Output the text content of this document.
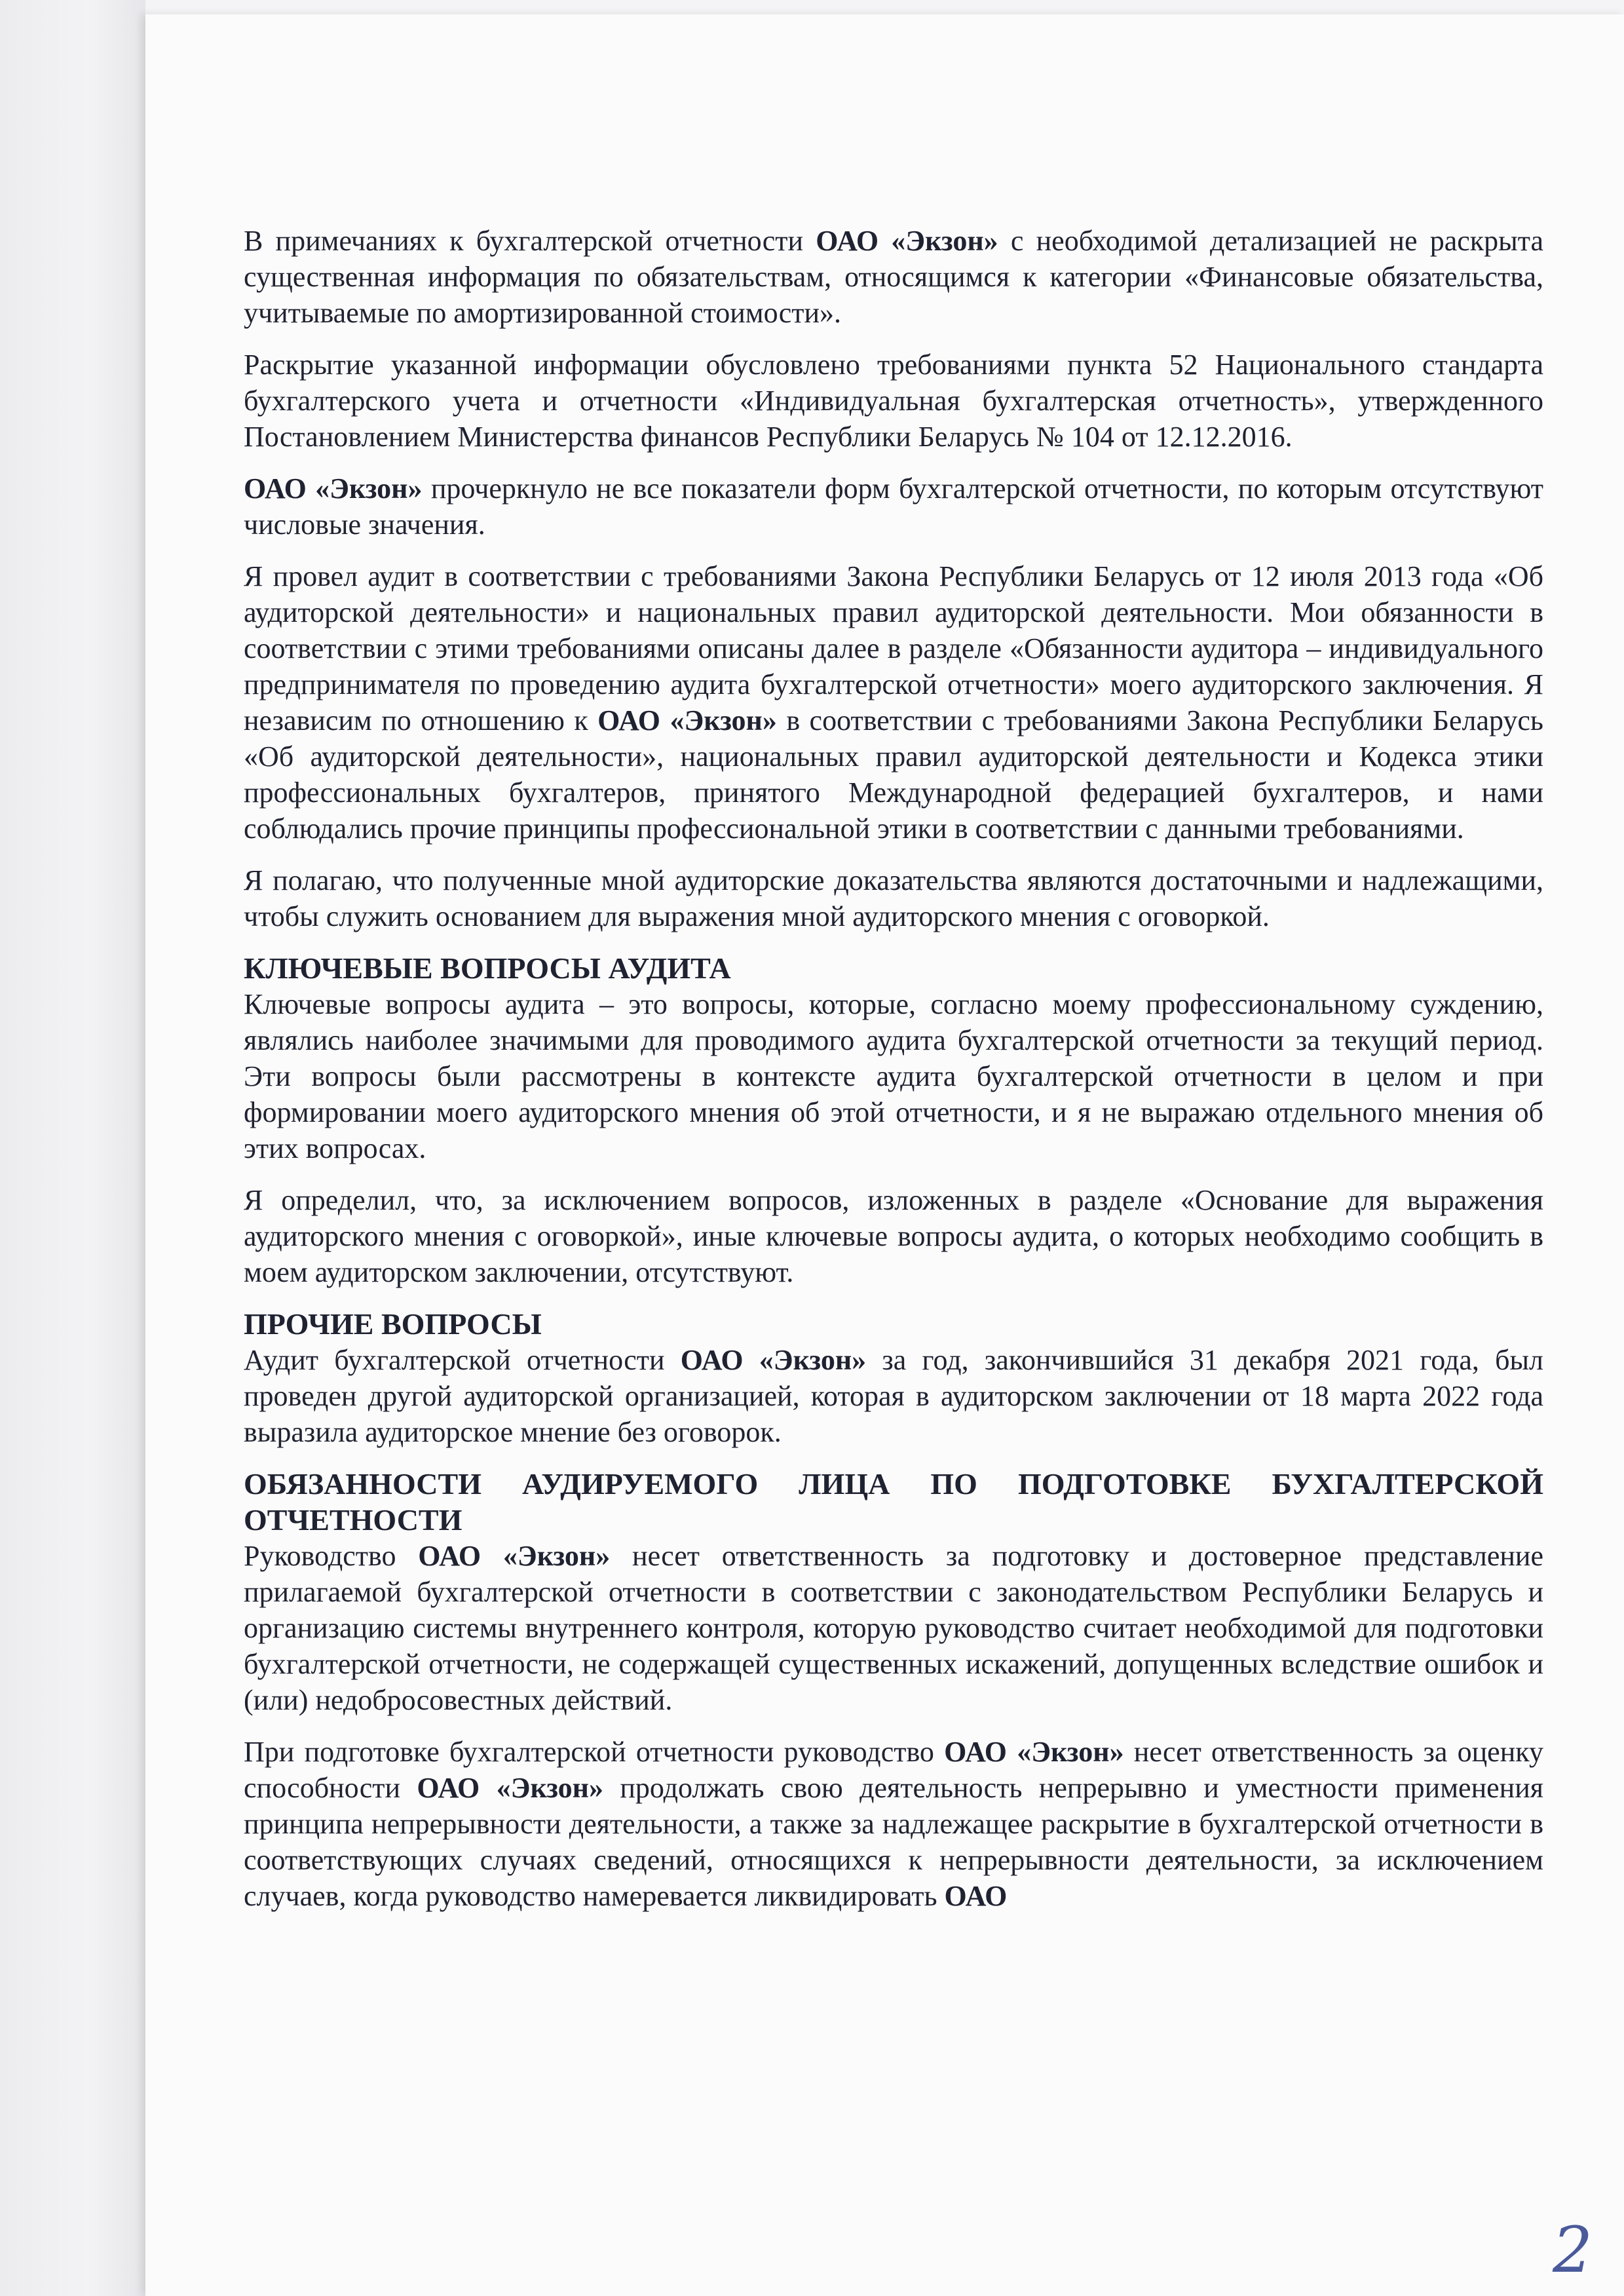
В примечаниях к бухгалтерской отчетности ОАО «Экзон» с необходимой детализацией не раскрыта существенная информация по обязательствам, относящимся к категории «Финансовые обязательства, учитываемые по амортизированной стоимости».

Раскрытие указанной информации обусловлено требованиями пункта 52 Национального стандарта бухгалтерского учета и отчетности «Индивидуальная бухгалтерская отчетность», утвержденного Постановлением Министерства финансов Республики Беларусь № 104 от 12.12.2016.

ОАО «Экзон» прочеркнуло не все показатели форм бухгалтерской отчетности, по которым отсутствуют числовые значения.

Я провел аудит в соответствии с требованиями Закона Республики Беларусь от 12 июля 2013 года «Об аудиторской деятельности» и национальных правил аудиторской деятельности. Мои обязанности в соответствии с этими требованиями описаны далее в разделе «Обязанности аудитора – индивидуального предпринимателя по проведению аудита бухгалтерской отчетности» моего аудиторского заключения. Я независим по отношению к ОАО «Экзон» в соответствии с требованиями Закона Республики Беларусь «Об аудиторской деятельности», национальных правил аудиторской деятельности и Кодекса этики профессиональных бухгалтеров, принятого Международной федерацией бухгалтеров, и нами соблюдались прочие принципы профессиональной этики в соответствии с данными требованиями.

Я полагаю, что полученные мной аудиторские доказательства являются достаточными и надлежащими, чтобы служить основанием для выражения мной аудиторского мнения с оговоркой.

КЛЮЧЕВЫЕ ВОПРОСЫ АУДИТА

Ключевые вопросы аудита – это вопросы, которые, согласно моему профессиональному суждению, являлись наиболее значимыми для проводимого аудита бухгалтерской отчетности за текущий период. Эти вопросы были рассмотрены в контексте аудита бухгалтерской отчетности в целом и при формировании моего аудиторского мнения об этой отчетности, и я не выражаю отдельного мнения об этих вопросах.

Я определил, что, за исключением вопросов, изложенных в разделе «Основание для выражения аудиторского мнения с оговоркой», иные ключевые вопросы аудита, о которых необходимо сообщить в моем аудиторском заключении, отсутствуют.

ПРОЧИЕ ВОПРОСЫ

Аудит бухгалтерской отчетности ОАО «Экзон» за год, закончившийся 31 декабря 2021 года, был проведен другой аудиторской организацией, которая в аудиторском заключении от 18 марта 2022 года выразила аудиторское мнение без оговорок.

ОБЯЗАННОСТИ АУДИРУЕМОГО ЛИЦА ПО ПОДГОТОВКЕ БУХГАЛТЕРСКОЙ ОТЧЕТНОСТИ

Руководство ОАО «Экзон» несет ответственность за подготовку и достоверное представление прилагаемой бухгалтерской отчетности в соответствии с законодательством Республики Беларусь и организацию системы внутреннего контроля, которую руководство считает необходимой для подготовки бухгалтерской отчетности, не содержащей существенных искажений, допущенных вследствие ошибок и (или) недобросовестных действий.

При подготовке бухгалтерской отчетности руководство ОАО «Экзон» несет ответственность за оценку способности ОАО «Экзон» продолжать свою деятельность непрерывно и уместности применения принципа непрерывности деятельности, а также за надлежащее раскрытие в бухгалтерской отчетности в соответствующих случаях сведений, относящихся к непрерывности деятельности, за исключением случаев, когда руководство намеревается ликвидировать ОАО

2
